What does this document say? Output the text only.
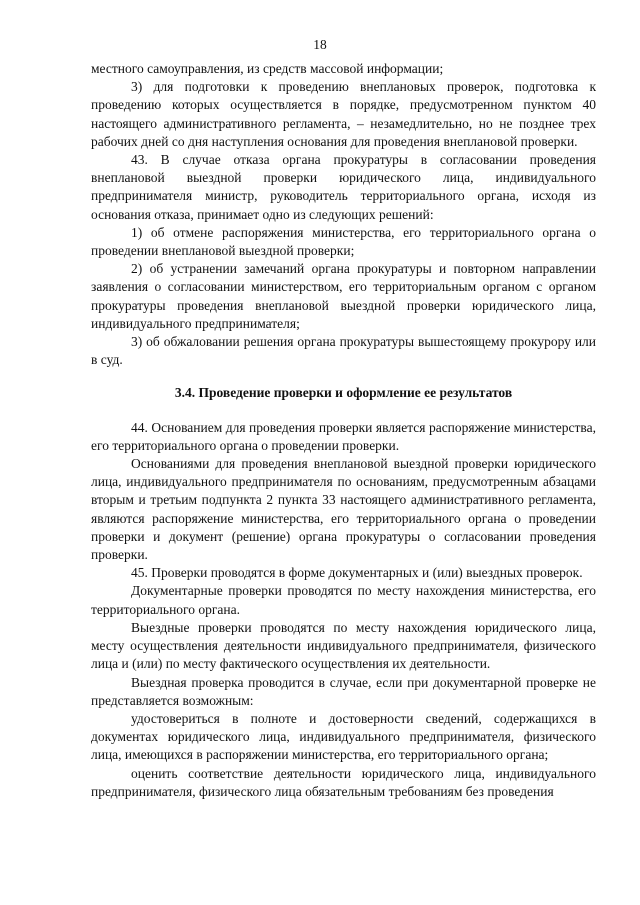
18

местного самоуправления, из средств массовой информации;

3) для подготовки к проведению внеплановых проверок, подготовка к проведению которых осуществляется в порядке, предусмотренном пунктом 40 настоящего административного регламента, – незамедлительно, но не позднее трех рабочих дней со дня наступления основания для проведения внеплановой проверки.

43. В случае отказа органа прокуратуры в согласовании проведения внеплановой выездной проверки юридического лица, индивидуального предпринимателя министр, руководитель территориального органа, исходя из основания отказа, принимает одно из следующих решений:

1) об отмене распоряжения министерства, его территориального органа о проведении внеплановой выездной проверки;

2) об устранении замечаний органа прокуратуры и повторном направлении заявления о согласовании министерством, его территориальным органом с органом прокуратуры проведения внеплановой выездной проверки юридического лица, индивидуального предпринимателя;

3) об обжаловании решения органа прокуратуры вышестоящему прокурору или в суд.

3.4. Проведение проверки и оформление ее результатов

44. Основанием для проведения проверки является распоряжение министерства, его территориального органа о проведении проверки.

Основаниями для проведения внеплановой выездной проверки юридического лица, индивидуального предпринимателя по основаниям, предусмотренным абзацами вторым и третьим подпункта 2 пункта 33 настоящего административного регламента, являются распоряжение министерства, его территориального органа о проведении проверки и документ (решение) органа прокуратуры о согласовании проведения проверки.

45. Проверки проводятся в форме документарных и (или) выездных проверок.

Документарные проверки проводятся по месту нахождения министерства, его территориального органа.

Выездные проверки проводятся по месту нахождения юридического лица, месту осуществления деятельности индивидуального предпринимателя, физического лица и (или) по месту фактического осуществления их деятельности.

Выездная проверка проводится в случае, если при документарной проверке не представляется возможным:

удостовериться в полноте и достоверности сведений, содержащихся в документах юридического лица, индивидуального предпринимателя, физического лица, имеющихся в распоряжении министерства, его территориального органа;

оценить соответствие деятельности юридического лица, индивидуального предпринимателя, физического лица обязательным требованиям без проведения
